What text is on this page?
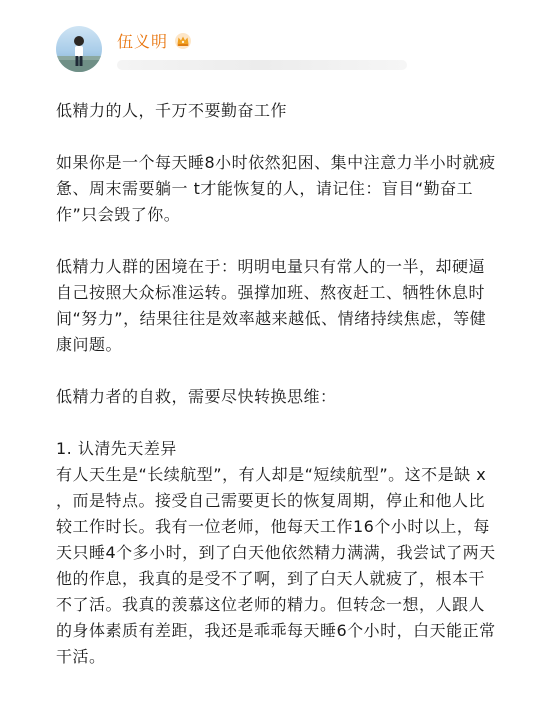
伍义明

低精力的人，千万不要勤奋工作

如果你是一个每天睡8小时依然犯困、集中注意力半小时就疲惫、周末需要躺一 t才能恢复的人，请记住：盲目“勤奋工作”只会毁了你。

低精力人群的困境在于：明明电量只有常人的一半，却硬逼自己按照大众标准运转。强撑加班、熬夜赶工、牺牲休息时间“努力”，结果往往是效率越来越低、情绪持续焦虑，等健康问题。

低精力者的自救，需要尽快转换思维：

1. 认清先天差异

有人天生是“长续航型”，有人却是“短续航型”。这不是缺 x ，而是特点。接受自己需要更长的恢复周期，停止和他人比较工作时长。我有一位老师，他每天工作16个小时以上，每天只睡4个多小时，到了白天他依然精力满满，我尝试了两天他的作息，我真的是受不了啊，到了白天人就疲了，根本干不了活。我真的羡慕这位老师的精力。但转念一想，人跟人的身体素质有差距，我还是乖乖每天睡6个小时，白天能正常干活。
